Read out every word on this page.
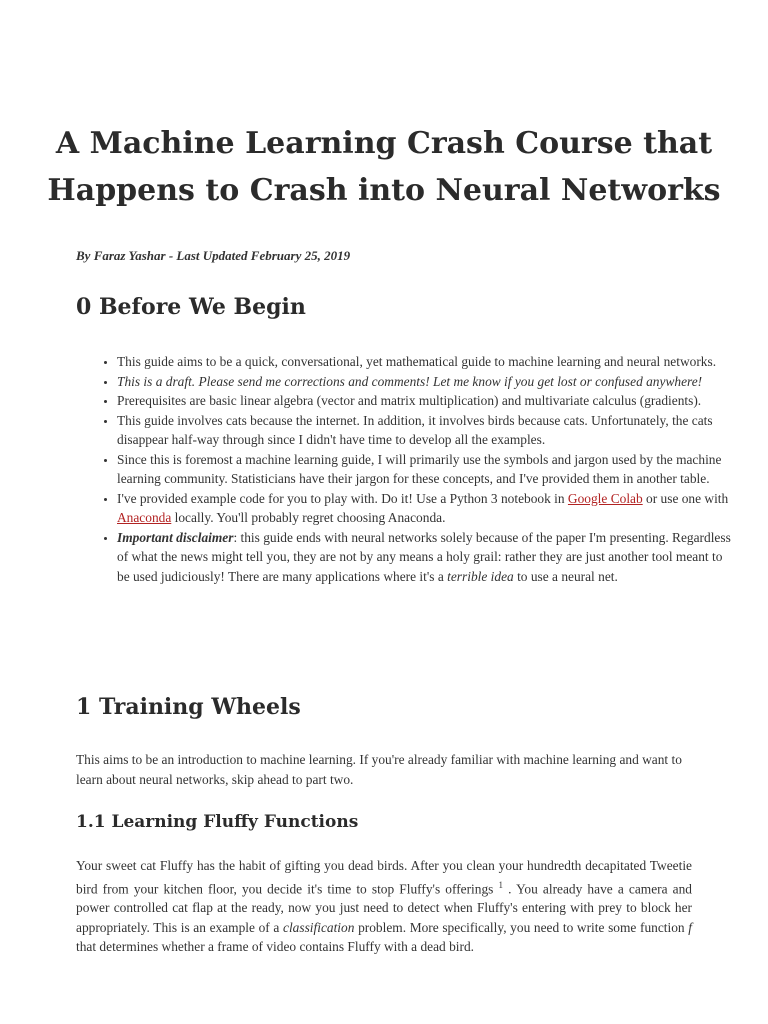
A Machine Learning Crash Course that Happens to Crash into Neural Networks

By Faraz Yashar - Last Updated February 25, 2019

0 Before We Begin
• This guide aims to be a quick, conversational, yet mathematical guide to machine learning and neural networks.
• This is a draft. Please send me corrections and comments! Let me know if you get lost or confused anywhere!
• Prerequisites are basic linear algebra (vector and matrix multiplication) and multivariate calculus (gradients).
• This guide involves cats because the internet. In addition, it involves birds because cats. Unfortunately, the cats disappear half-way through since I didn't have time to develop all the examples.
• Since this is foremost a machine learning guide, I will primarily use the symbols and jargon used by the machine learning community. Statisticians have their jargon for these concepts, and I've provided them in another table.
• I've provided example code for you to play with. Do it! Use a Python 3 notebook in Google Colab or use one with Anaconda locally. You'll probably regret choosing Anaconda.
• Important disclaimer: this guide ends with neural networks solely because of the paper I'm presenting. Regardless of what the news might tell you, they are not by any means a holy grail: rather they are just another tool meant to be used judiciously! There are many applications where it's a terrible idea to use a neural net.
1 Training Wheels

This aims to be an introduction to machine learning. If you're already familiar with machine learning and want to learn about neural networks, skip ahead to part two.

1.1 Learning Fluffy Functions

Your sweet cat Fluffy has the habit of gifting you dead birds. After you clean your hundredth decapitated Tweetie bird from your kitchen floor, you decide it's time to stop Fluffy's offerings $^1$ . You already have a camera and power controlled cat flap at the ready, now you just need to detect when Fluffy's entering with prey to block her appropriately. This is an example of a classification problem. More specifically, you need to write some function f that determines whether a frame of video contains Fluffy with a dead bird.
